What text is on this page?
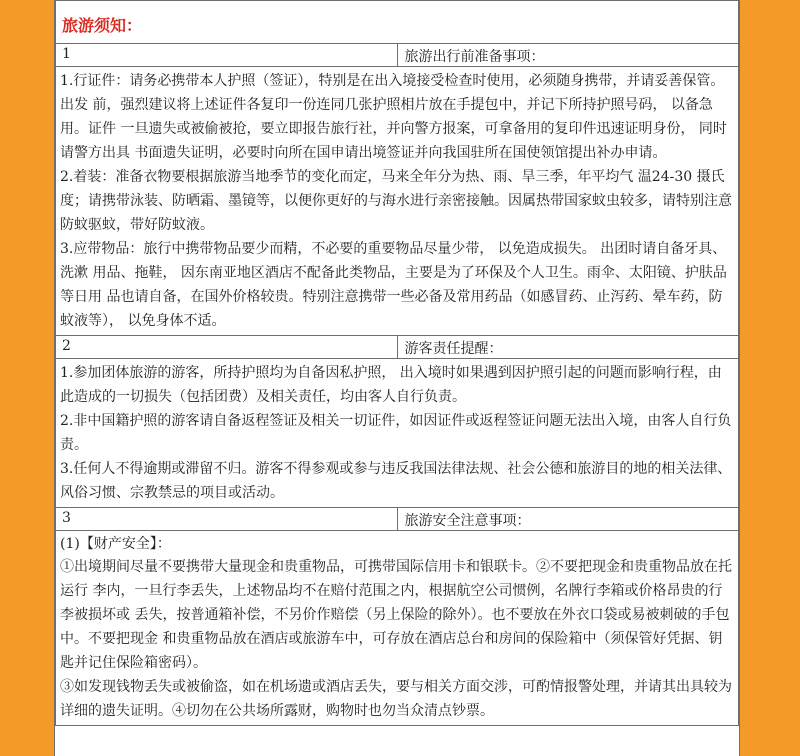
旅游须知：	
1	旅游出行前准备事项：

1.行证件：请务必携带本人护照（签证），特别是在出入境接受检查时使用，必须随身携带，并请妥善保管。出发 前，强烈建议将上述证件各复印一份连同几张护照相片放在手提包中，并记下所持护照号码， 以备急用。证件 一旦遗失或被偷被抢，要立即报告旅行社，并向警方报案，可拿备用的复印件迅速证明身份， 同时请警方出具 书面遗失证明，必要时向所在国申请出境签证并向我国驻所在国使领馆提出补办申请。

2.着装：准备衣物要根据旅游当地季节的变化而定，马来全年分为热、雨、旱三季，年平均气 温24-30 摄氏度；请携带泳装、防晒霜、墨镜等，以便你更好的与海水进行亲密接触。因属热带国家蚊虫较多，请特别注意防蚊驱蚊，带好防蚊液。

3.应带物品：旅行中携带物品要少而精，不必要的重要物品尽量少带， 以免造成损失。 出团时请自备牙具、洗漱 用品、拖鞋， 因东南亚地区酒店不配备此类物品，主要是为了环保及个人卫生。雨伞、太阳镜、护肤品等日用 品也请自备，在国外价格较贵。特别注意携带一些必备及常用药品（如感冒药、止泻药、晕车药，防蚊液等）， 以免身体不适。	

2	游客责任提醒：

1.参加团体旅游的游客，所持护照均为自备因私护照， 出入境时如果遇到因护照引起的问题而影响行程，由此造成的一切损失（包括团费）及相关责任，均由客人自行负责。

2.非中国籍护照的游客请自备返程签证及相关一切证件，如因证件或返程签证问题无法出入境，由客人自行负责。

3.任何人不得逾期或滞留不归。游客不得参观或参与违反我国法律法规、社会公德和旅游目的地的相关法律、风俗习惯、宗教禁忌的项目或活动。	

3	旅游安全注意事项：

(1)【财产安全】：

①出境期间尽量不要携带大量现金和贵重物品，可携带国际信用卡和银联卡。②不要把现金和贵重物品放在托运行 李内，一旦行李丢失，上述物品均不在赔付范围之内，根据航空公司惯例，名牌行李箱或价格昂贵的行李被损坏或 丢失，按普通箱补偿，不另价作赔偿（另上保险的除外）。也不要放在外衣口袋或易被刺破的手包中。不要把现金 和贵重物品放在酒店或旅游车中，可存放在酒店总台和房间的保险箱中（须保管好凭据、钥匙并记住保险箱密码）。

③如发现钱物丢失或被偷盗，如在机场遗或酒店丢失，要与相关方面交涉，可酌情报警处理，并请其出具较为详细的遗失证明。④切勿在公共场所露财，购物时也勿当众清点钞票。	
